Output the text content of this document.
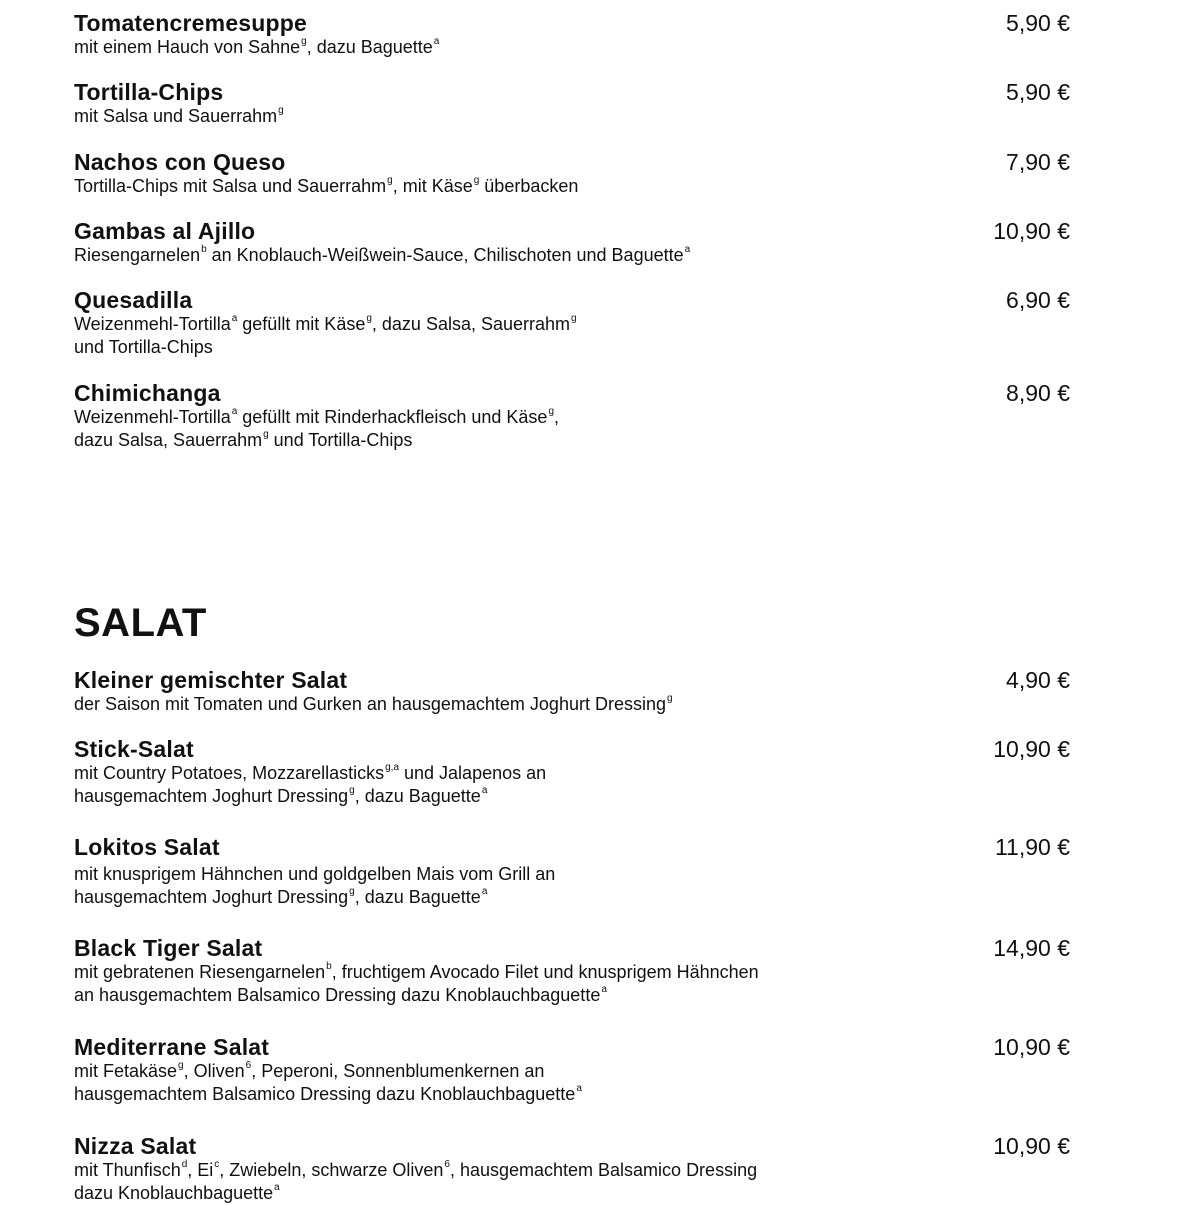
Tomatencremesuppe	5,90 €
mit einem Hauch von Sahne$^g$, dazu Baguette$^a$
Tortilla-Chips	5,90 €
mit Salsa und Sauerrahm$^g$
Nachos con Queso	7,90 €
Tortilla-Chips mit Salsa und Sauerrahm$^g$, mit Käse$^g$ überbacken
Gambas al Ajillo	10,90 €
Riesengarnelen$^b$ an Knoblauch-Weißwein-Sauce, Chilischoten und Baguette$^a$
Quesadilla	6,90 €
Weizenmehl-Tortilla$^a$ gefüllt mit Käse$^g$, dazu Salsa, Sauerrahm$^g$
und Tortilla-Chips
Chimichanga	8,90 €
Weizenmehl-Tortilla$^a$ gefüllt mit Rinderhackfleisch und Käse$^g$,
dazu Salsa, Sauerrahm$^g$ und Tortilla-Chips
SALAT
Kleiner gemischter Salat	4,90 €
der Saison mit Tomaten und Gurken an hausgemachtem Joghurt Dressing$^g$
Stick-Salat	10,90 €
mit Country Potatoes, Mozzarellasticks$^{g,a}$ und Jalapenos an
hausgemachtem Joghurt Dressing$^g$, dazu Baguette$^a$
Lokitos Salat	11,90 €
mit knusprigem Hähnchen und goldgelben Mais vom Grill an
hausgemachtem Joghurt Dressing$^g$, dazu Baguette$^a$
Black Tiger Salat	14,90 €
mit gebratenen Riesengarnelen$^b$, fruchtigem Avocado Filet und knusprigem Hähnchen
an hausgemachtem Balsamico Dressing dazu Knoblauchbaguette$^a$
Mediterrane Salat	10,90 €
mit Fetakäse$^g$, Oliven$^6$, Peperoni, Sonnenblumenkernen an
hausgemachtem Balsamico Dressing dazu Knoblauchbaguette$^a$
Nizza Salat	10,90 €
mit Thunfisch$^d$, Ei$^c$, Zwiebeln, schwarze Oliven$^6$, hausgemachtem Balsamico Dressing
dazu Knoblauchbaguette$^a$
